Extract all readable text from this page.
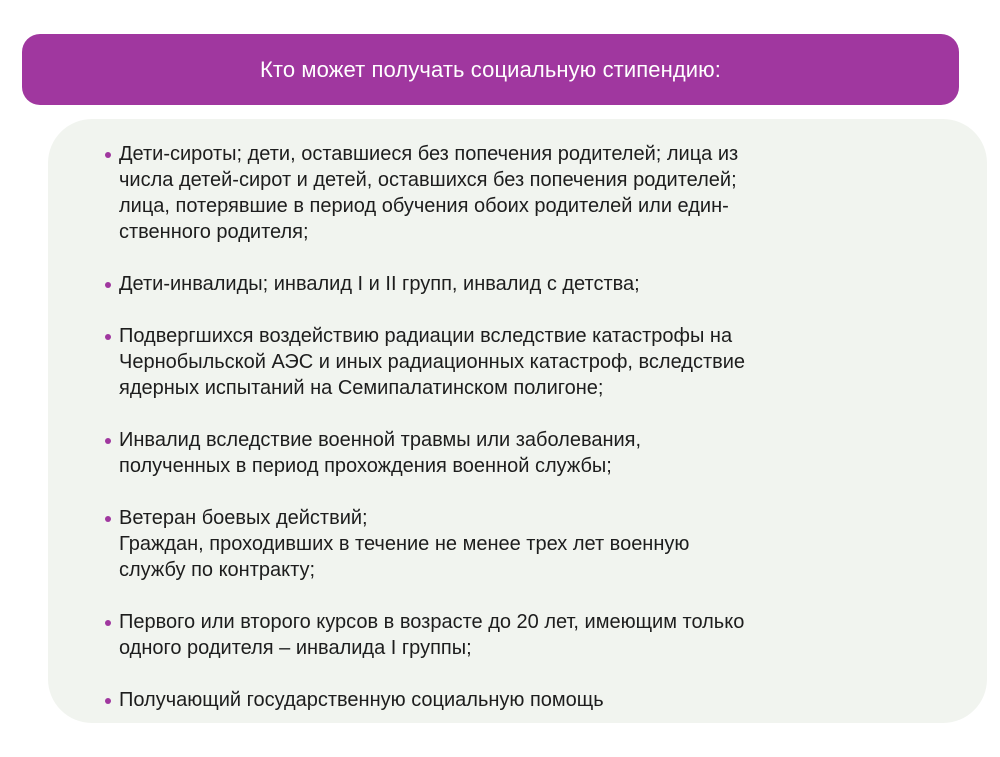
Кто может получать социальную стипендию:
Дети-сироты; дети, оставшиеся без попечения родителей; лица из
числа детей-сирот и детей, оставшихся без попечения родителей;
лица, потерявшие в период обучения обоих родителей или един-
ственного родителя;
Дети-инвалиды; инвалид I и II групп, инвалид с детства;
Подвергшихся воздействию радиации вследствие катастрофы на
Чернобыльской АЭС и иных радиационных катастроф, вследствие
ядерных испытаний на Семипалатинском полигоне;
Инвалид вследствие военной травмы или заболевания,
полученных в период прохождения военной службы;
Ветеран боевых действий;
Граждан, проходивших в течение не менее трех лет военную
службу по контракту;
Первого или второго курсов в возрасте до 20 лет, имеющим только
одного родителя – инвалида I группы;
Получающий государственную социальную помощь
